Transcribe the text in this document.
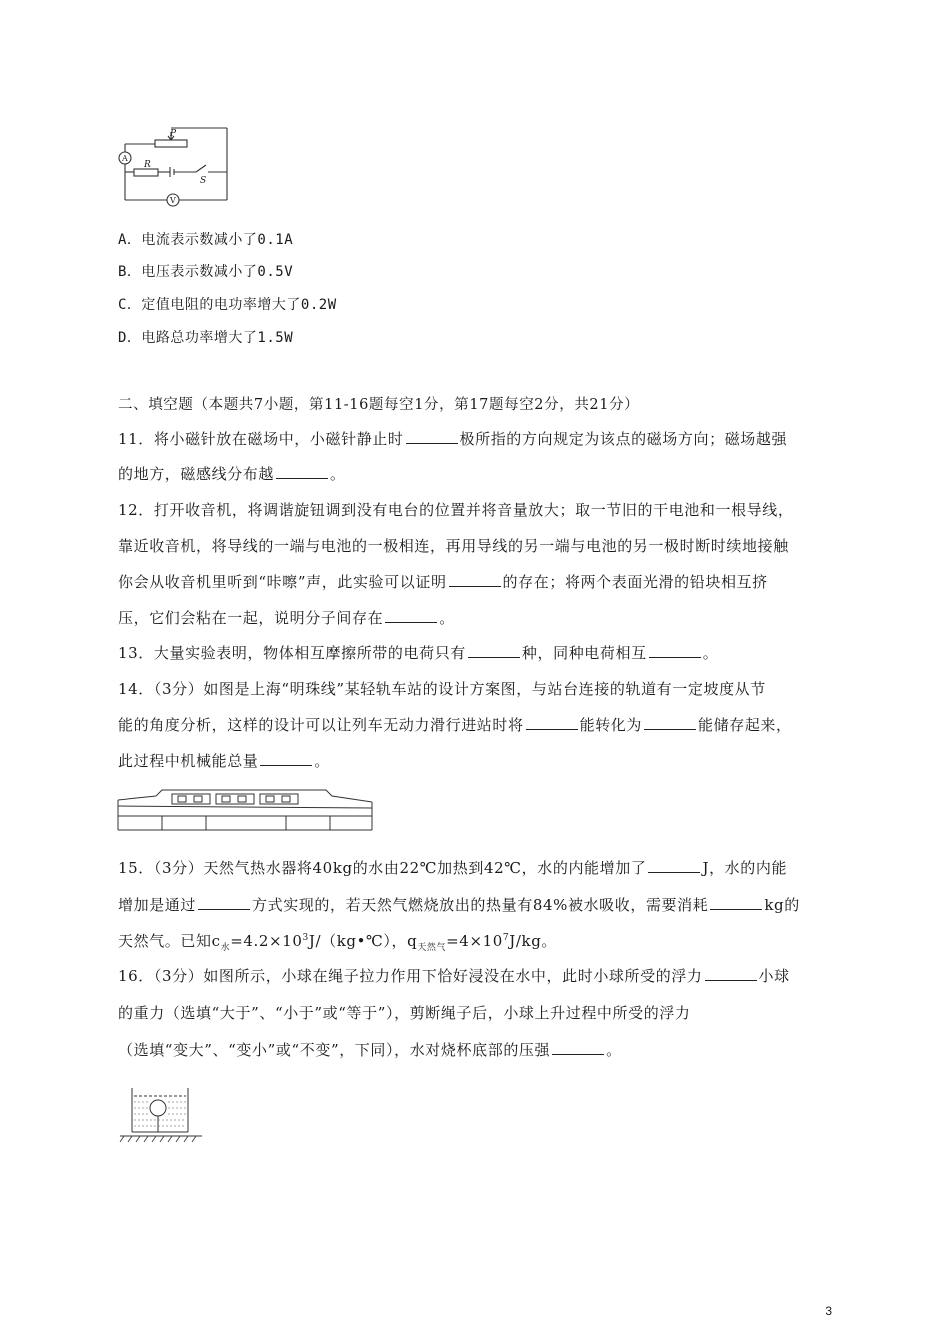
P
A
R
S
V
A．电流表示数减小了0.1A
B．电压表示数减小了0.5V
C．定值电阻的电功率增大了0.2W
D．电路总功率增大了1.5W
二、填空题（本题共7小题，第11-16题每空1分，第17题每空2分，共21分）
11．将小磁针放在磁场中，小磁针静止时	极所指的方向规定为该点的磁场方向；磁场越强
的地方，磁感线分布越	。
12．打开收音机，将调谐旋钮调到没有电台的位置并将音量放大；取一节旧的干电池和一根导线，
靠近收音机，将导线的一端与电池的一极相连，再用导线的另一端与电池的另一极时断时续地接触
你会从收音机里听到“咔嚓”声，此实验可以证明	的存在；将两个表面光滑的铅块相互挤
压，它们会粘在一起，说明分子间存在	。
13．大量实验表明，物体相互摩擦所带的电荷只有	种，同种电荷相互	。
14．（3分）如图是上海“明珠线”某轻轨车站的设计方案图，与站台连接的轨道有一定坡度从节
能的角度分析，这样的设计可以让列车无动力滑行进站时将	能转化为	能储存起来，
此过程中机械能总量	。
15．（3分）天然气热水器将40kg的水由22℃加热到42℃，水的内能增加了	J，水的内能
增加是通过	方式实现的，若天然气燃烧放出的热量有84%被水吸收，需要消耗	kg的
天然气。已知$c_水=4.2\times 10^3J/(kg•℃)$，$q_{天然气}=4\times 10^7J/kg$。
16．（3分）如图所示，小球在绳子拉力作用下恰好浸没在水中，此时小球所受的浮力	小球
的重力（选填“大于”、“小于”或“等于”），剪断绳子后，小球上升过程中所受的浮力
（选填“变大”、“变小”或“不变”，下同），水对烧杯底部的压强	。
3
